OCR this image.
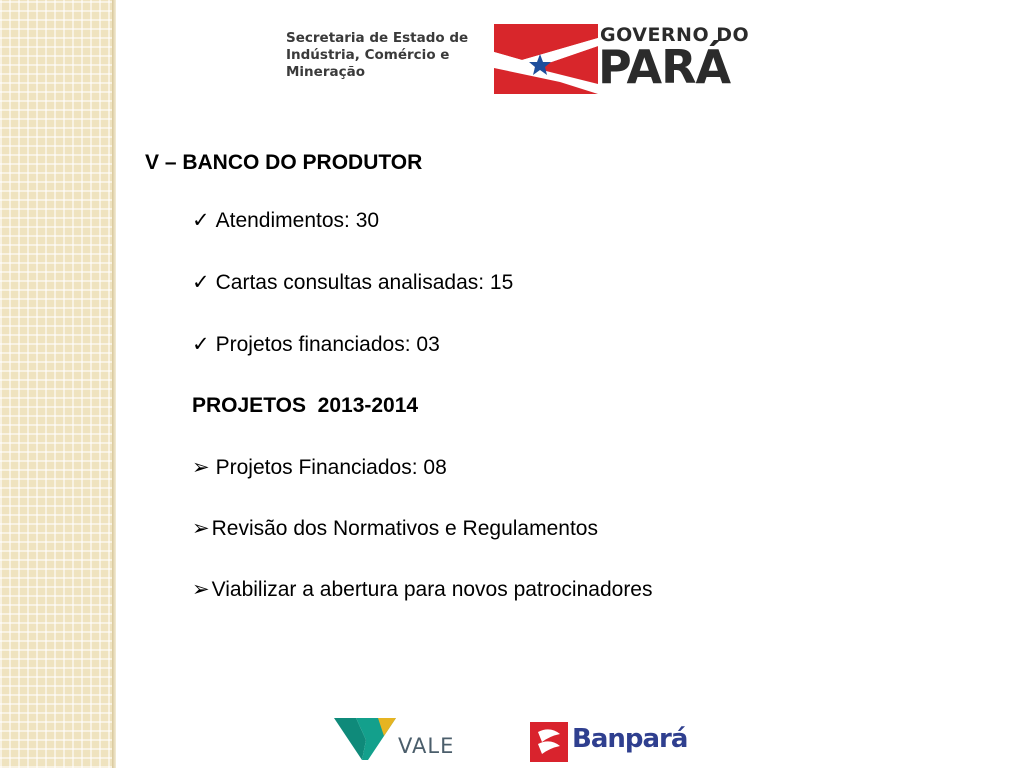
Secretaria de Estado de
Indústria, Comércio e
Mineração
GOVERNO DO
PARÁ
V – BANCO DO PRODUTOR
✓ Atendimentos: 30
✓ Cartas consultas analisadas: 15
✓ Projetos financiados: 03
PROJETOS  2013-2014
➢ Projetos Financiados: 08
➢Revisão dos Normativos e Regulamentos
➢Viabilizar a abertura para novos patrocinadores
VALE	Banpará
